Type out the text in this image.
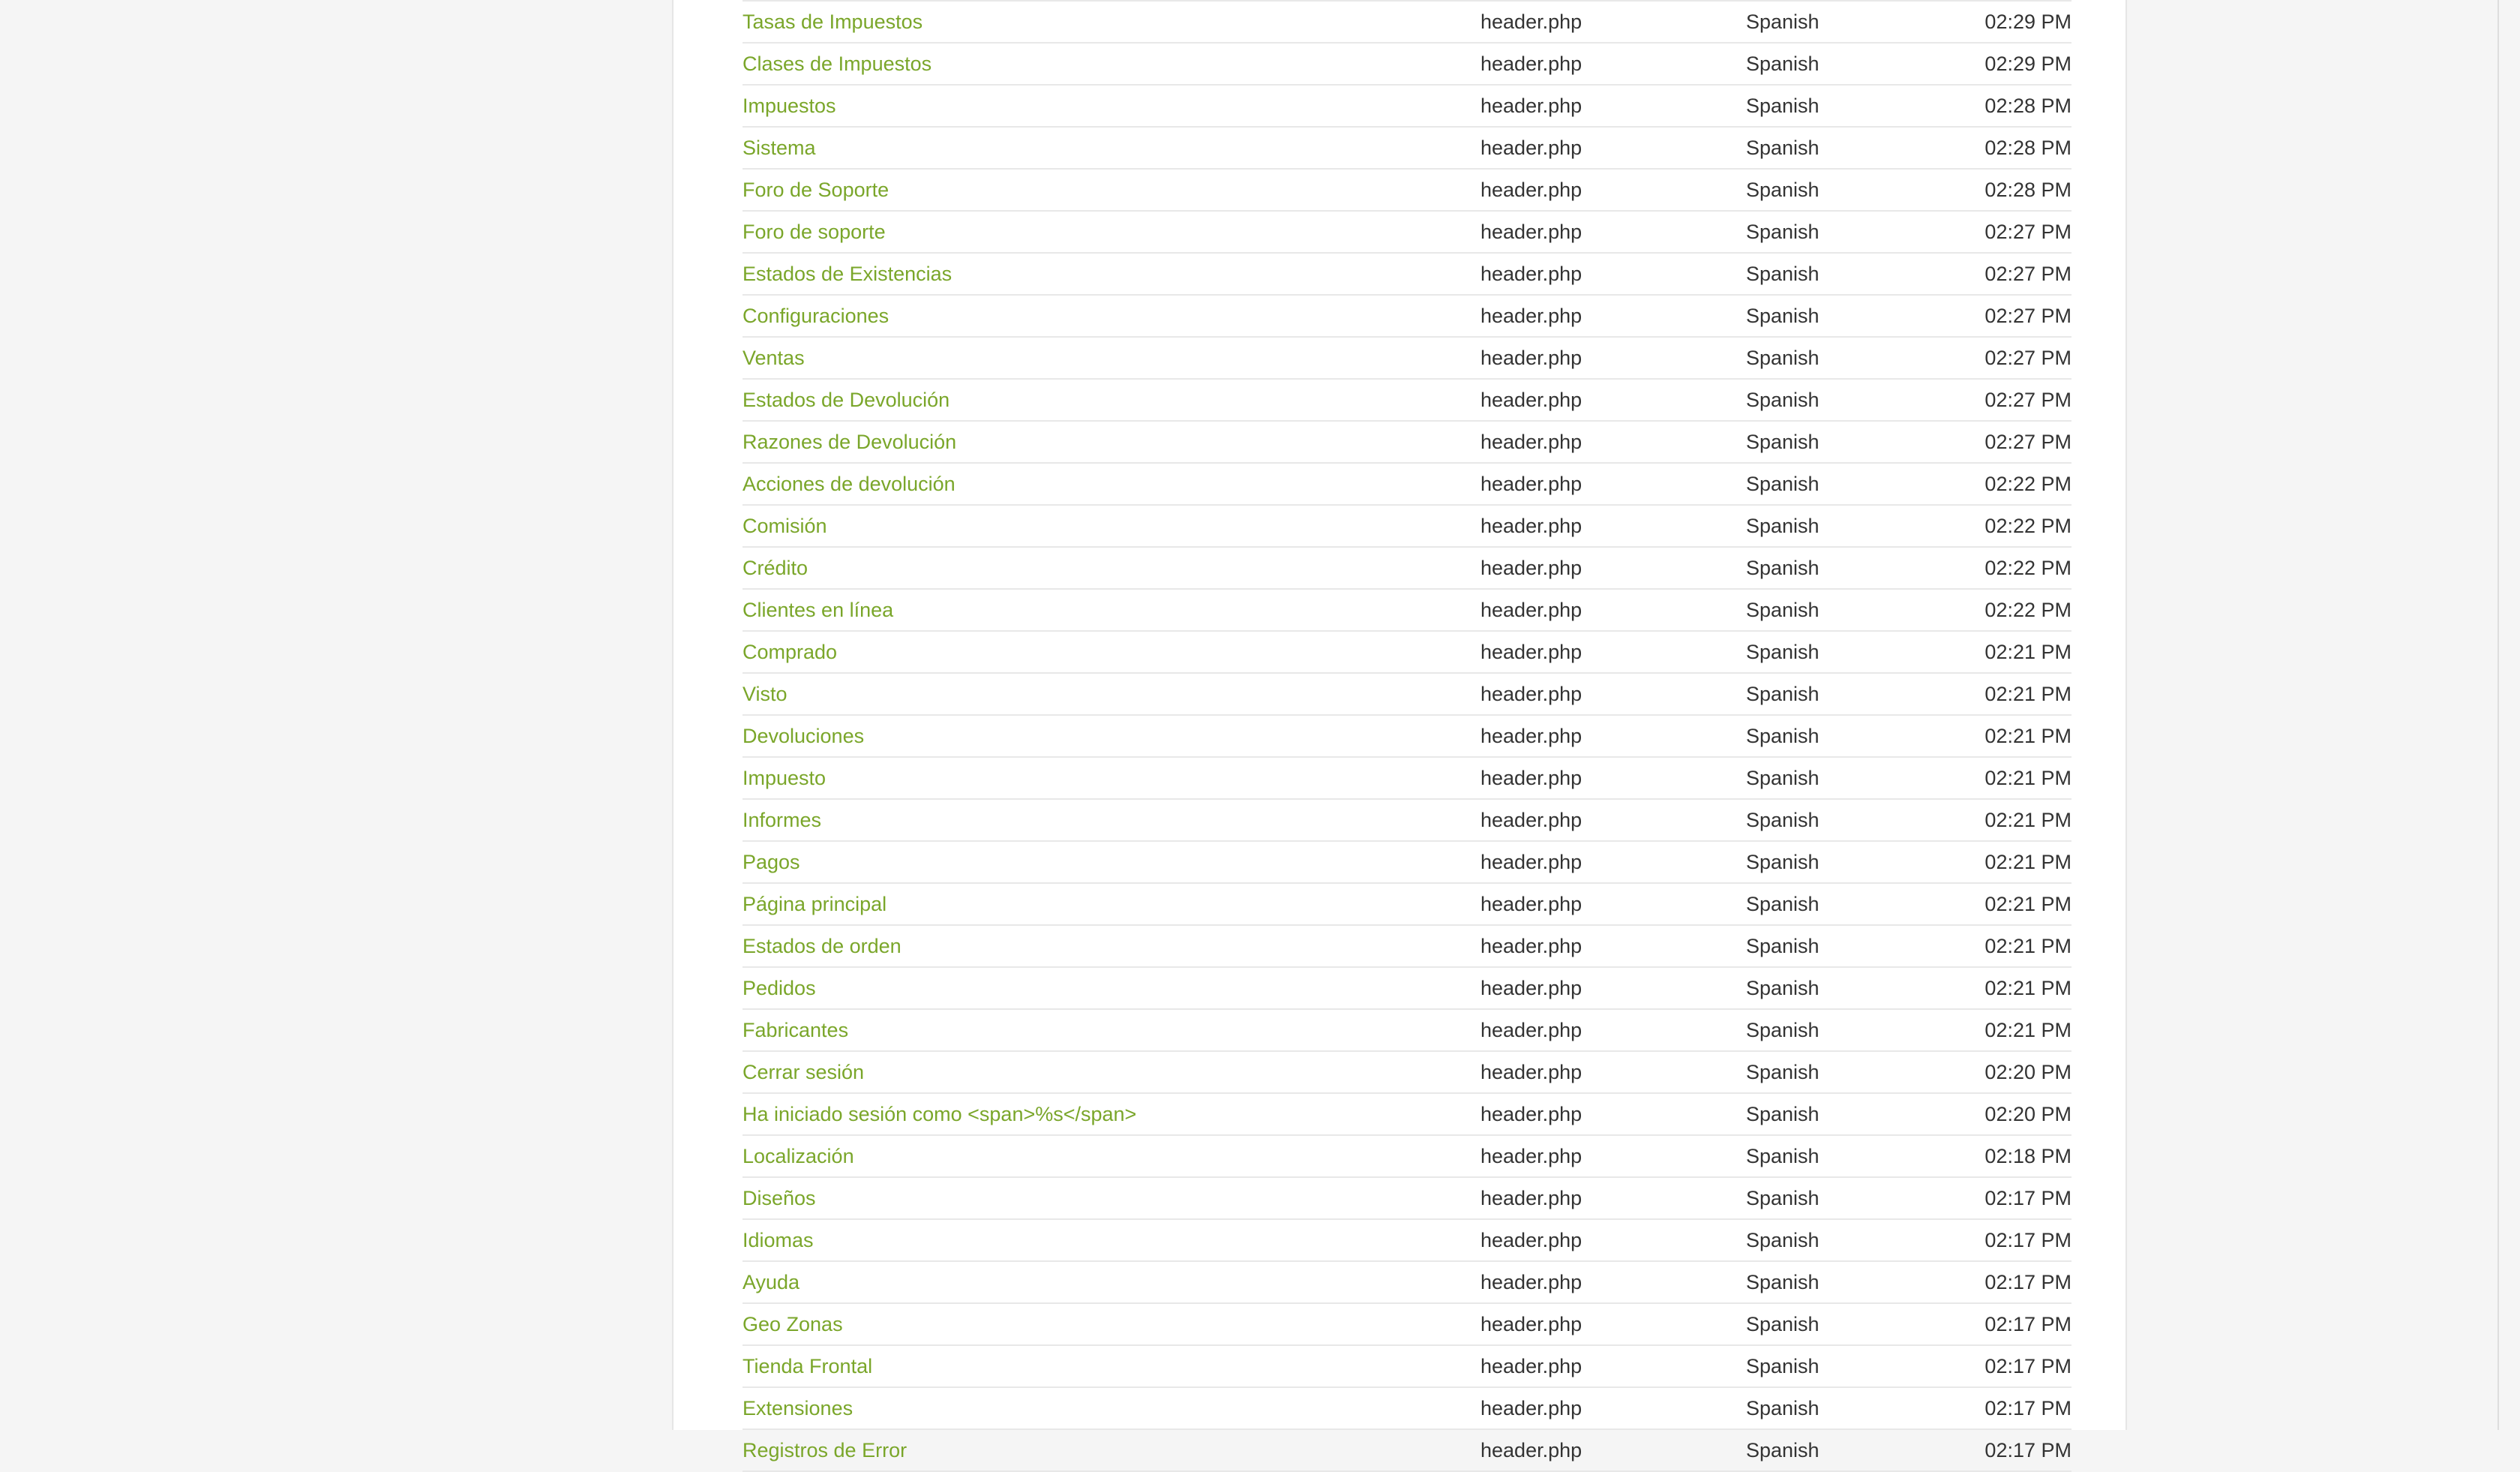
Tasas de Impuestos	header.php	Spanish	02:29 PM
Clases de Impuestos	header.php	Spanish	02:29 PM
Impuestos	header.php	Spanish	02:28 PM
Sistema	header.php	Spanish	02:28 PM
Foro de Soporte	header.php	Spanish	02:28 PM
Foro de soporte	header.php	Spanish	02:27 PM
Estados de Existencias	header.php	Spanish	02:27 PM
Configuraciones	header.php	Spanish	02:27 PM
Ventas	header.php	Spanish	02:27 PM
Estados de Devolución	header.php	Spanish	02:27 PM
Razones de Devolución	header.php	Spanish	02:27 PM
Acciones de devolución	header.php	Spanish	02:22 PM
Comisión	header.php	Spanish	02:22 PM
Crédito	header.php	Spanish	02:22 PM
Clientes en línea	header.php	Spanish	02:22 PM
Comprado	header.php	Spanish	02:21 PM
Visto	header.php	Spanish	02:21 PM
Devoluciones	header.php	Spanish	02:21 PM
Impuesto	header.php	Spanish	02:21 PM
Informes	header.php	Spanish	02:21 PM
Pagos	header.php	Spanish	02:21 PM
Página principal	header.php	Spanish	02:21 PM
Estados de orden	header.php	Spanish	02:21 PM
Pedidos	header.php	Spanish	02:21 PM
Fabricantes	header.php	Spanish	02:21 PM
Cerrar sesión	header.php	Spanish	02:20 PM
Ha iniciado sesión como <span>%s</span>	header.php	Spanish	02:20 PM
Localización	header.php	Spanish	02:18 PM
Diseños	header.php	Spanish	02:17 PM
Idiomas	header.php	Spanish	02:17 PM
Ayuda	header.php	Spanish	02:17 PM
Geo Zonas	header.php	Spanish	02:17 PM
Tienda Frontal	header.php	Spanish	02:17 PM
Extensiones	header.php	Spanish	02:17 PM
Registros de Error	header.php	Spanish	02:17 PM
